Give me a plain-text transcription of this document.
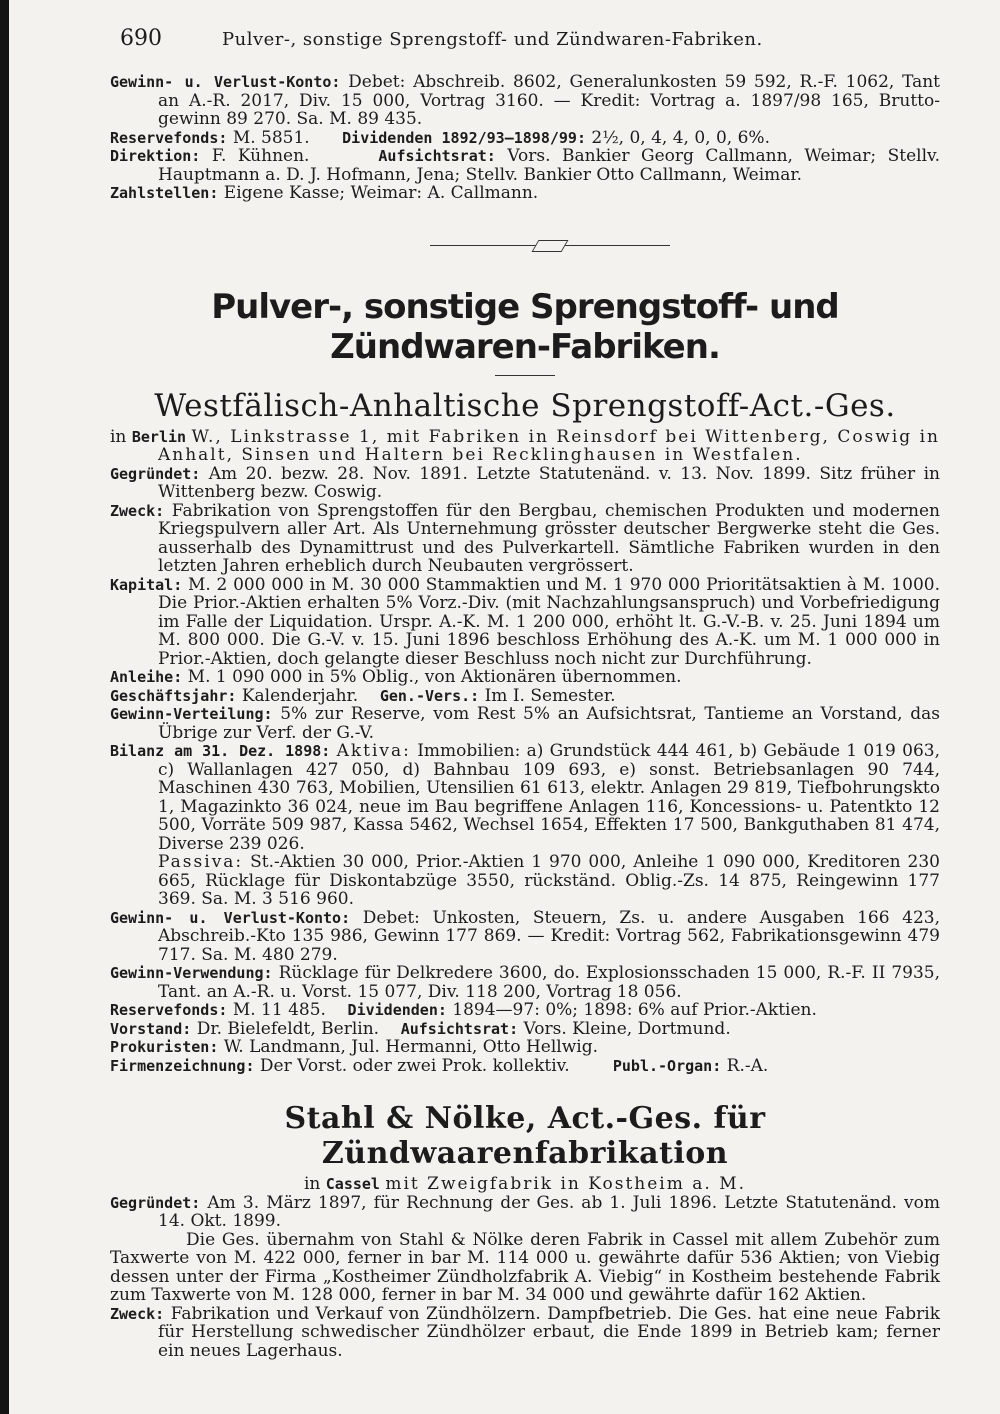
690	Pulver-, sonstige Sprengstoff- und Zündwaren-Fabriken.

Gewinn- u. Verlust-Konto: Debet: Abschreib. 8602, Generalunkosten 59 592, R.-F. 1062, Tant an A.-R. 2017, Div. 15 000, Vortrag 3160. — Kredit: Vortrag a. 1897/98 165, Brutto-gewinn 89 270. Sa. M. 89 435.

Reservefonds: M. 5851. Dividenden 1892/93—1898/99: 2½, 0, 4, 4, 0, 0, 6%.

Direktion: F. Kühnen.	Aufsichtsrat: Vors. Bankier Georg Callmann, Weimar; Stellv. Hauptmann a. D. J. Hofmann, Jena; Stellv. Bankier Otto Callmann, Weimar.

Zahlstellen: Eigene Kasse; Weimar: A. Callmann.

Pulver-, sonstige Sprengstoff- und Zündwaren-Fabriken.
Westfälisch-Anhaltische Sprengstoff-Act.-Ges.

in Berlin W., Linkstrasse 1, mit Fabriken in Reinsdorf bei Wittenberg, Coswig in Anhalt, Sinsen und Haltern bei Recklinghausen in Westfalen.

Gegründet: Am 20. bezw. 28. Nov. 1891. Letzte Statutenänd. v. 13. Nov. 1899. Sitz früher in Wittenberg bezw. Coswig.

Zweck: Fabrikation von Sprengstoffen für den Bergbau, chemischen Produkten und modernen Kriegspulvern aller Art. Als Unternehmung grösster deutscher Bergwerke steht die Ges. ausserhalb des Dynamittrust und des Pulverkartell. Sämtliche Fabriken wurden in den letzten Jahren erheblich durch Neubauten vergrössert.

Kapital: M. 2 000 000 in M. 30 000 Stammaktien und M. 1 970 000 Prioritätsaktien à M. 1000. Die Prior.-Aktien erhalten 5% Vorz.-Div. (mit Nachzahlungsanspruch) und Vorbefriedigung im Falle der Liquidation. Urspr. A.-K. M. 1 200 000, erhöht lt. G.-V.-B. v. 25. Juni 1894 um M. 800 000. Die G.-V. v. 15. Juni 1896 beschloss Erhöhung des A.-K. um M. 1 000 000 in Prior.-Aktien, doch gelangte dieser Beschluss noch nicht zur Durchführung.

Anleihe: M. 1 090 000 in 5% Oblig., von Aktionären übernommen.

Geschäftsjahr: Kalenderjahr. Gen.-Vers.: Im I. Semester.

Gewinn-Verteilung: 5% zur Reserve, vom Rest 5% an Aufsichtsrat, Tantieme an Vorstand, das Übrige zur Verf. der G.-V.

Bilanz am 31. Dez. 1898: Aktiva: Immobilien: a) Grundstück 444 461, b) Gebäude 1 019 063, c) Wallanlagen 427 050, d) Bahnbau 109 693, e) sonst. Betriebsanlagen 90 744, Maschinen 430 763, Mobilien, Utensilien 61 613, elektr. Anlagen 29 819, Tiefbohrungskto 1, Magazinkto 36 024, neue im Bau begriffene Anlagen 116, Koncessions- u. Patentkto 12 500, Vorräte 509 987, Kassa 5462, Wechsel 1654, Effekten 17 500, Bankguthaben 81 474, Diverse 239 026.

Passiva: St.-Aktien 30 000, Prior.-Aktien 1 970 000, Anleihe 1 090 000, Kreditoren 230 665, Rücklage für Diskontabzüge 3550, rückständ. Oblig.-Zs. 14 875, Reingewinn 177 369. Sa. M. 3 516 960.

Gewinn- u. Verlust-Konto: Debet: Unkosten, Steuern, Zs. u. andere Ausgaben 166 423, Abschreib.-Kto 135 986, Gewinn 177 869. — Kredit: Vortrag 562, Fabrikationsgewinn 479 717. Sa. M. 480 279.

Gewinn-Verwendung: Rücklage für Delkredere 3600, do. Explosionsschaden 15 000, R.-F. II 7935, Tant. an A.-R. u. Vorst. 15 077, Div. 118 200, Vortrag 18 056.

Reservefonds: M. 11 485. Dividenden: 1894—97: 0%; 1898: 6% auf Prior.-Aktien.

Vorstand: Dr. Bielefeldt, Berlin. Aufsichtsrat: Vors. Kleine, Dortmund.

Prokuristen: W. Landmann, Jul. Hermanni, Otto Hellwig.

Firmenzeichnung: Der Vorst. oder zwei Prok. kollektiv.	Publ.-Organ: R.-A.

Stahl & Nölke, Act.-Ges. für Zündwaarenfabrikation

in Cassel mit Zweigfabrik in Kostheim a. M.

Gegründet: Am 3. März 1897, für Rechnung der Ges. ab 1. Juli 1896. Letzte Statutenänd. vom 14. Okt. 1899.

Die Ges. übernahm von Stahl & Nölke deren Fabrik in Cassel mit allem Zubehör zum Taxwerte von M. 422 000, ferner in bar M. 114 000 u. gewährte dafür 536 Aktien; von Viebig dessen unter der Firma „Kostheimer Zündholzfabrik A. Viebig“ in Kostheim bestehende Fabrik zum Taxwerte von M. 128 000, ferner in bar M. 34 000 und gewährte dafür 162 Aktien.

Zweck: Fabrikation und Verkauf von Zündhölzern. Dampfbetrieb. Die Ges. hat eine neue Fabrik für Herstellung schwedischer Zündhölzer erbaut, die Ende 1899 in Betrieb kam; ferner ein neues Lagerhaus.
